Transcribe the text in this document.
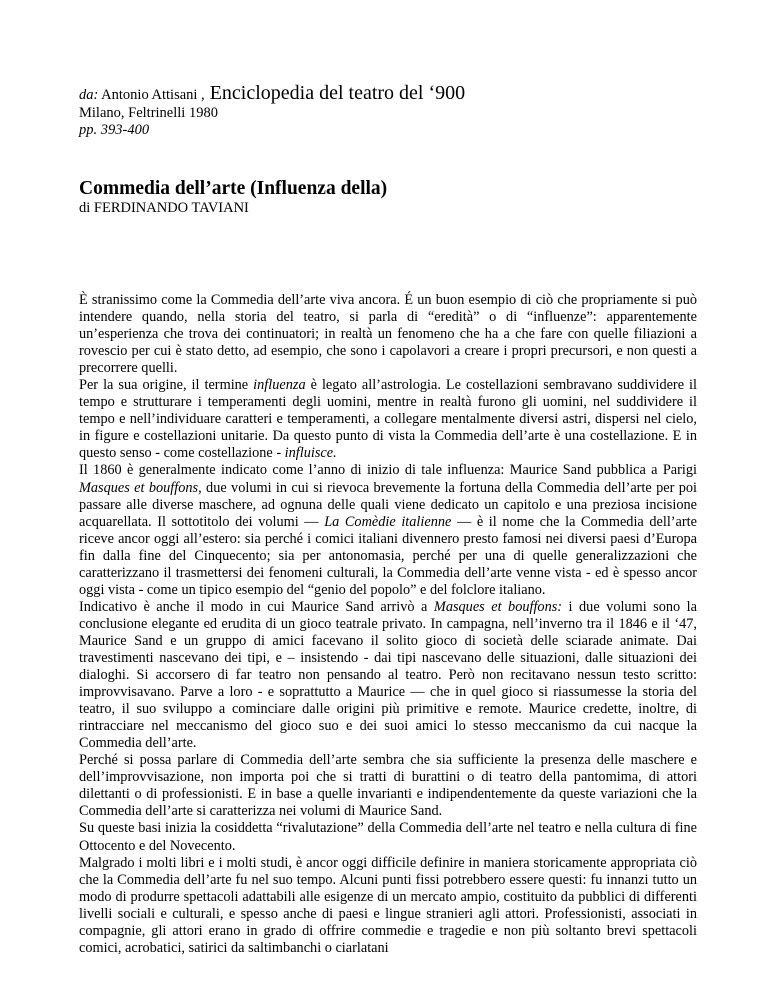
da: Antonio Attisani , Enciclopedia del teatro del ‘900
Milano, Feltrinelli 1980
pp. 393-400
Commedia dell’arte (Influenza della)
di FERDINANDO TAVIANI

È stranissimo come la Commedia dell’arte viva ancora. É un buon esempio di ciò che propriamente si può intendere quando, nella storia del teatro, si parla di “eredità” o di “influenze”: apparentemente un’esperienza che trova dei continuatori; in realtà un fenomeno che ha a che fare con quelle filiazioni a rovescio per cui è stato detto, ad esempio, che sono i capolavori a creare i propri precursori, e non questi a precorrere quelli.

Per la sua origine, il termine influenza è legato all’astrologia. Le costellazioni sembravano suddividere il tempo e strutturare i temperamenti degli uomini, mentre in realtà furono gli uomini, nel suddividere il tempo e nell’individuare caratteri e temperamenti, a collegare mentalmente diversi astri, dispersi nel cielo, in figure e costellazioni unitarie. Da questo punto di vista la Commedia dell’arte è una costellazione. E in questo senso - come costellazione - influisce.

Il 1860 è generalmente indicato come l’anno di inizio di tale influenza: Maurice Sand pubblica a Parigi Masques et bouffons, due volumi in cui si rievoca brevemente la fortuna della Commedia dell’arte per poi passare alle diverse maschere, ad ognuna delle quali viene dedicato un capitolo e una preziosa incisione acquarellata. Il sottotitolo dei volumi — La Comèdie italienne — è il nome che la Commedia dell’arte riceve ancor oggi all’estero: sia perché i comici italiani divennero presto famosi nei diversi paesi d’Europa fin dalla fine del Cinquecento; sia per antonomasia, perché per una di quelle generalizzazioni che caratterizzano il trasmettersi dei fenomeni culturali, la Commedia dell’arte venne vista - ed è spesso ancor oggi vista - come un tipico esempio del “genio del popolo” e del folclore italiano.

Indicativo è anche il modo in cui Maurice Sand arrivò a Masques et bouffons: i due volumi sono la conclusione elegante ed erudita di un gioco teatrale privato. In campagna, nell’inverno tra il 1846 e il ‘47, Maurice Sand e un gruppo di amici facevano il solito gioco di società delle sciarade animate. Dai travestimenti nascevano dei tipi, e – insistendo - dai tipi nascevano delle situazioni, dalle situazioni dei dialoghi. Si accorsero di far teatro non pensando al teatro. Però non recitavano nessun testo scritto: improvvisavano. Parve a loro - e soprattutto a Maurice — che in quel gioco si riassumesse la storia del teatro, il suo sviluppo a cominciare dalle origini più primitive e remote. Maurice credette, inoltre, di rintracciare nel meccanismo del gioco suo e dei suoi amici lo stesso meccanismo da cui nacque la Commedia dell’arte.

Perché si possa parlare di Commedia dell’arte sembra che sia sufficiente la presenza delle maschere e dell’improvvisazione, non importa poi che si tratti di burattini o di teatro della pantomima, di attori dilettanti o di professionisti. E in base a quelle invarianti e indipendentemente da queste variazioni che la Commedia dell’arte si caratterizza nei volumi di Maurice Sand.

Su queste basi inizia la cosiddetta “rivalutazione” della Commedia dell’arte nel teatro e nella cultura di fine Ottocento e del Novecento.

Malgrado i molti libri e i molti studi, è ancor oggi difficile definire in maniera storicamente appropriata ciò che la Commedia dell’arte fu nel suo tempo. Alcuni punti fissi potrebbero essere questi: fu innanzi tutto un modo di produrre spettacoli adattabili alle esigenze di un mercato ampio, costituito da pubblici di differenti livelli sociali e culturali, e spesso anche di paesi e lingue stranieri agli attori. Professionisti, associati in compagnie, gli attori erano in grado di offrire commedie e tragedie e non più soltanto brevi spettacoli comici, acrobatici, satirici da saltimbanchi o ciarlatani
